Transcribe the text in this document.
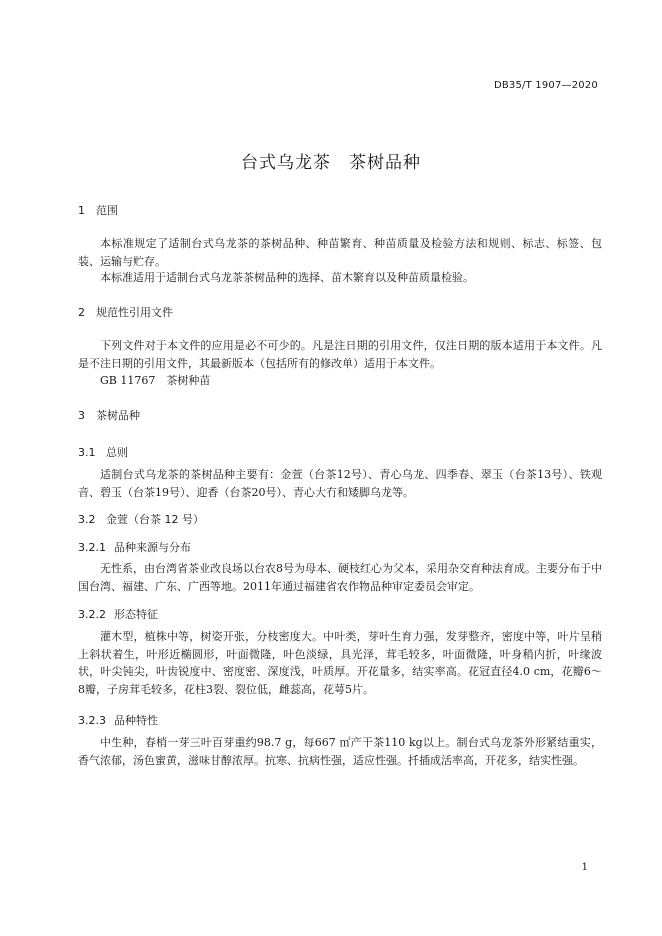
DB35/T 1907—2020
台式乌龙茶　茶树品种
1 范围

本标准规定了适制台式乌龙茶的茶树品种、种苗繁育、种苗质量及检验方法和规则、标志、标签、包装、运输与贮存。

本标准适用于适制台式乌龙茶茶树品种的选择、苗木繁育以及种苗质量检验。

2 规范性引用文件

下列文件对于本文件的应用是必不可少的。凡是注日期的引用文件，仅注日期的版本适用于本文件。凡是不注日期的引用文件，其最新版本（包括所有的修改单）适用于本文件。

GB 11767　茶树种苗

3 茶树品种
3.1 总则

适制台式乌龙茶的茶树品种主要有：金萱（台茶12号）、青心乌龙、四季春、翠玉（台茶13号）、铁观音、碧玉（台茶19号）、迎香（台茶20号）、青心大冇和矮脚乌龙等。

3.2 金萱（台茶 12 号）
3.2.1 品种来源与分布

无性系，由台湾省茶业改良场以台农8号为母本、硬枝红心为父本，采用杂交育种法育成。主要分布于中国台湾、福建、广东、广西等地。2011年通过福建省农作物品种审定委员会审定。

3.2.2 形态特征

灌木型，植株中等，树姿开张，分枝密度大。中叶类，芽叶生育力强，发芽整齐，密度中等，叶片呈稍上斜状着生，叶形近椭圆形，叶面微隆，叶色淡绿，具光泽，茸毛较多，叶面微隆，叶身稍内折，叶缘波状，叶尖钝尖，叶齿锐度中、密度密、深度浅，叶质厚。开花量多，结实率高。花冠直径4.0 cm，花瓣6～8瓣，子房茸毛较多，花柱3裂、裂位低，雌蕊高，花萼5片。

3.2.3 品种特性

中生种，春梢一芽三叶百芽重约98.7 g，每667 ㎡产干茶110 kg以上。制台式乌龙茶外形紧结重实，香气浓郁，汤色蜜黄，滋味甘醇浓厚。抗寒、抗病性强，适应性强。扦插成活率高，开花多，结实性强。

1
